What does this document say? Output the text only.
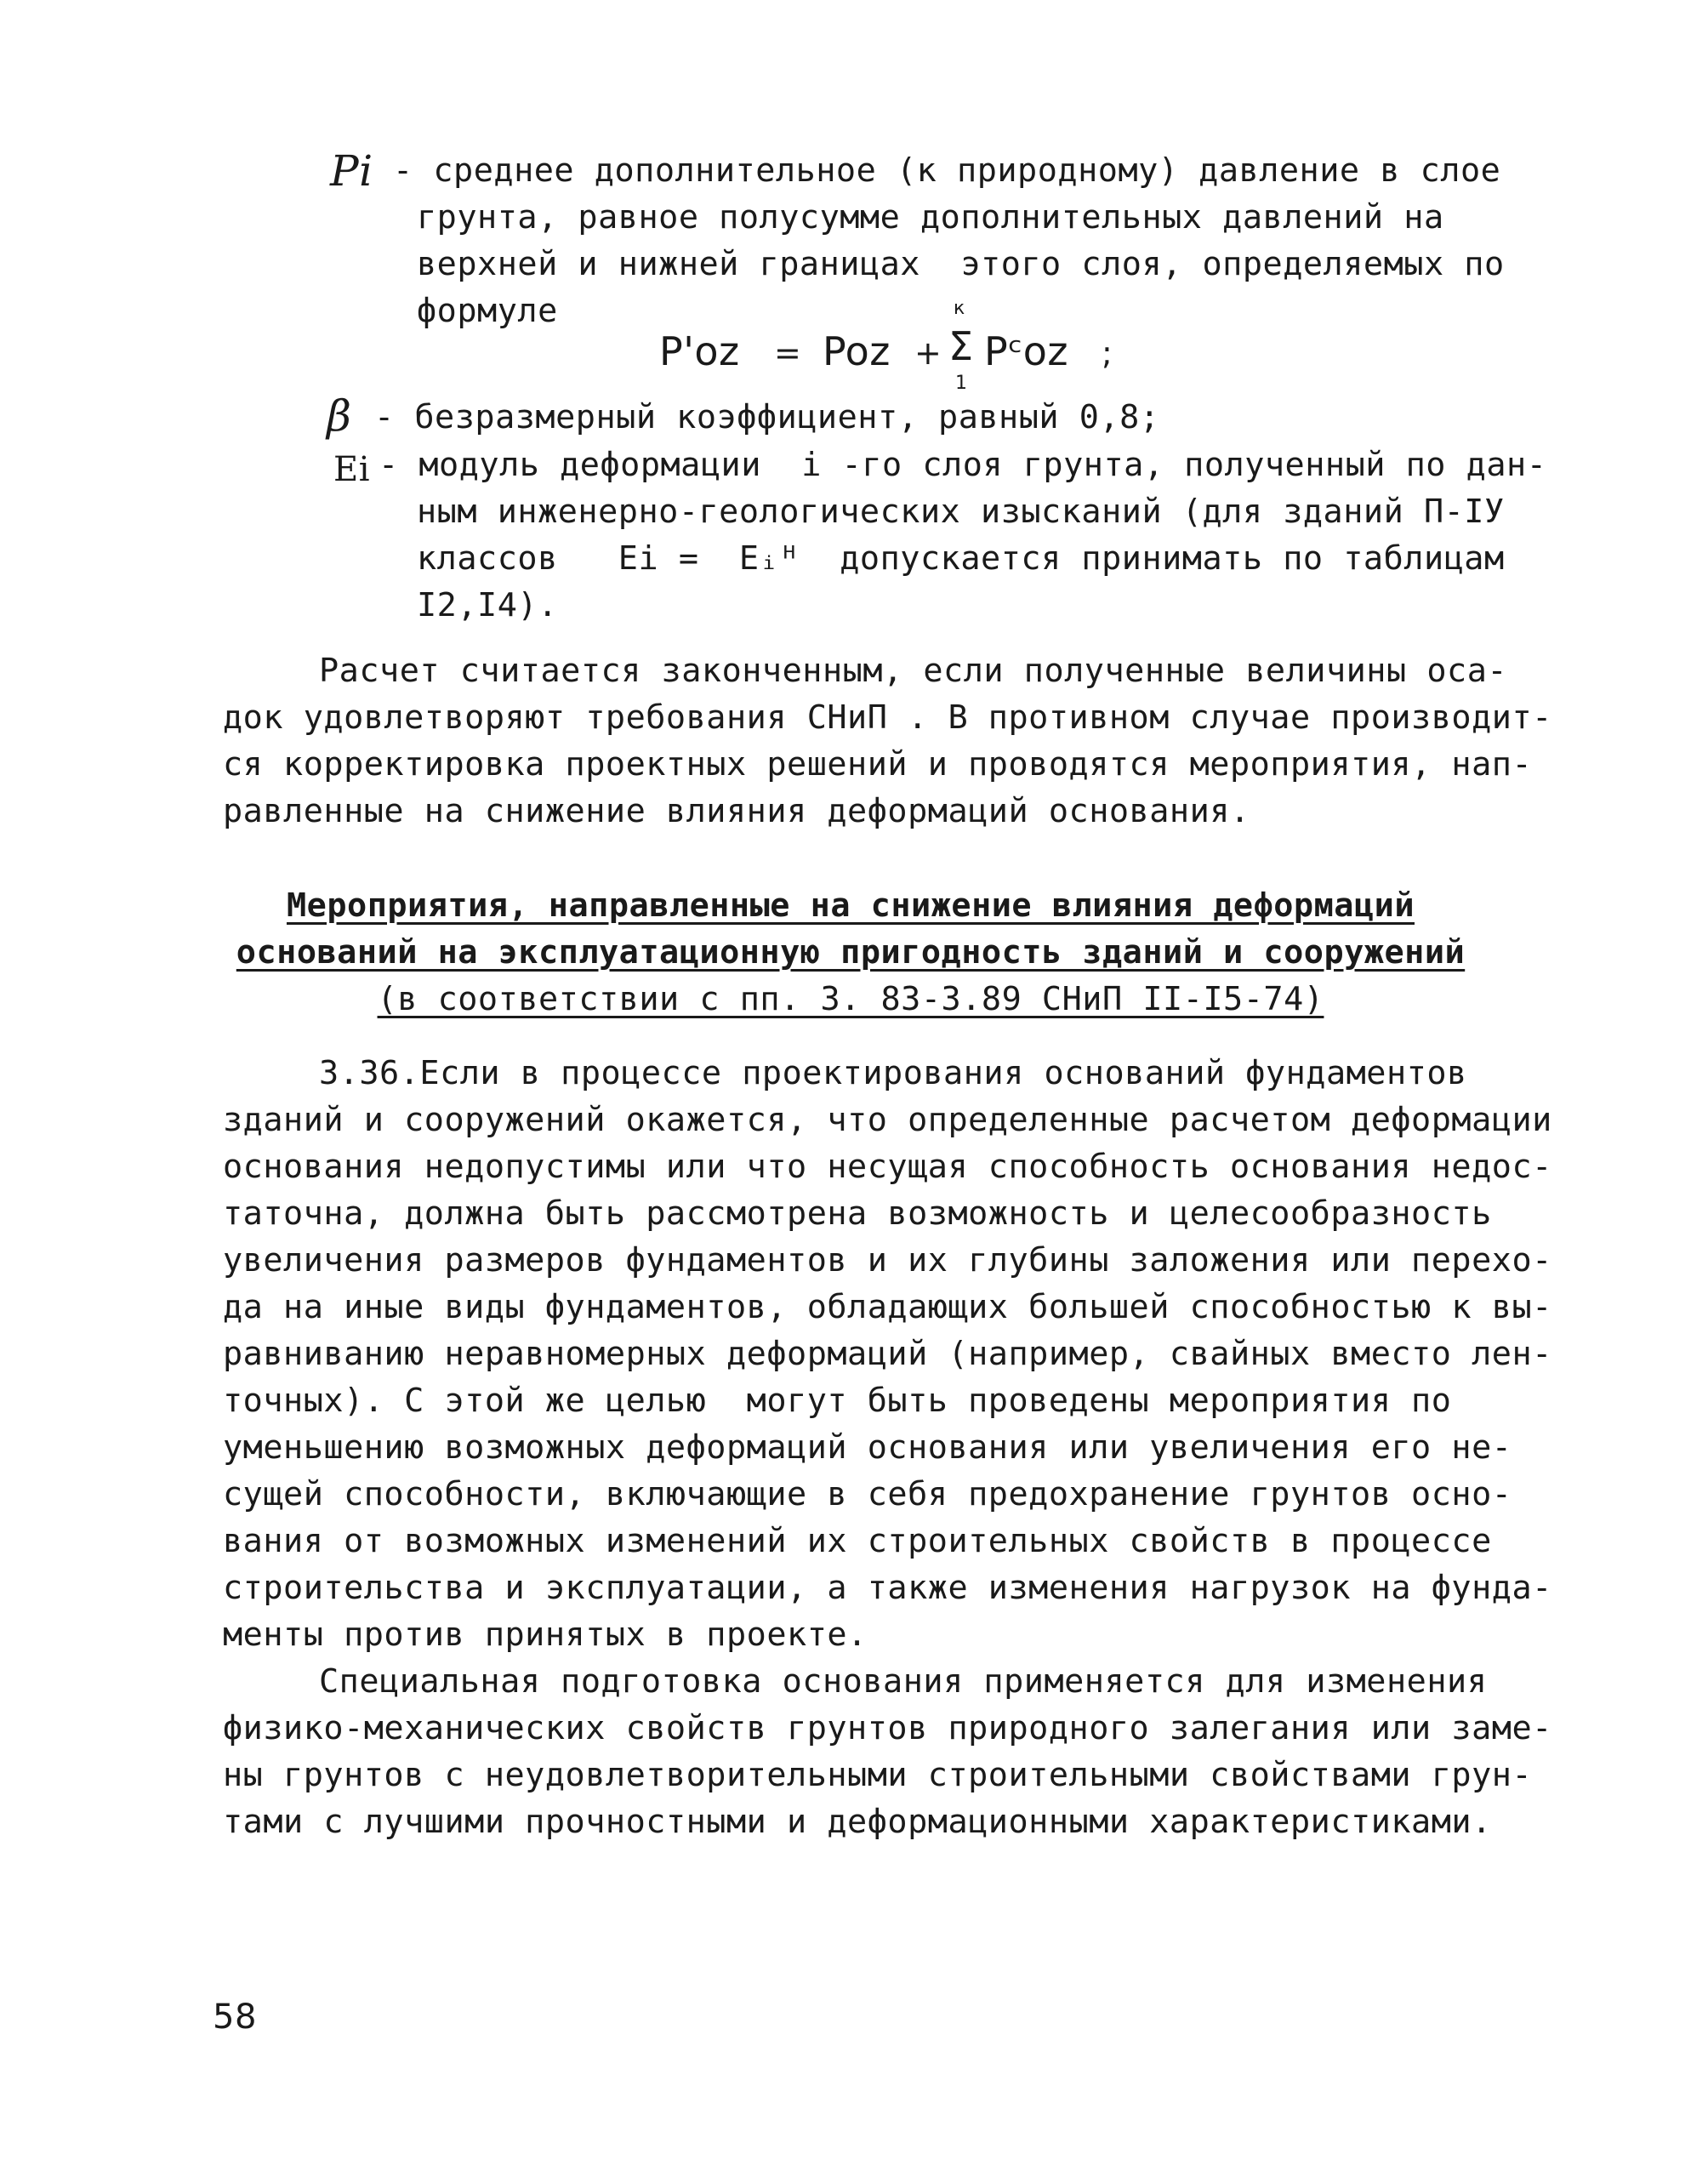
Pi - среднее дополнительное (к природному) давление в слое
грунта, равное полусумме дополнительных давлений на
верхней и нижней границах  этого слоя, определяемых по
формуле
P'oz = Poz +
к
Σ
1
Pᶜoz ;
β - безразмерный коэффициент, равный 0,8;
Ei - модуль деформации  i -го слоя грунта, полученный по дан-
ным инженерно-геологических изысканий (для зданий П-IУ
классов   Ei =  Eᵢᴴ  допускается принимать по таблицам
I2,I4).
Расчет считается законченным, если полученные величины оса-
док удовлетворяют требования СНиП . В противном случае производит-
ся корректировка проектных решений и проводятся мероприятия, нап-
равленные на снижение влияния деформаций основания.
Мероприятия, направленные на снижение влияния деформаций
оснований на эксплуатационную пригодность зданий и сооружений
(в соответствии с пп. 3. 83-3.89 СНиП II-I5-74)
3.36.Если в процессе проектирования оснований фундаментов
зданий и сооружений окажется, что определенные расчетом деформации
основания недопустимы или что несущая способность основания недос-
таточна, должна быть рассмотрена возможность и целесообразность
увеличения размеров фундаментов и их глубины заложения или перехо-
да на иные виды фундаментов, обладающих большей способностью к вы-
равниванию неравномерных деформаций (например, свайных вместо лен-
точных). С этой же целью  могут быть проведены мероприятия по
уменьшению возможных деформаций основания или увеличения его не-
сущей способности, включающие в себя предохранение грунтов осно-
вания от возможных изменений их строительных свойств в процессе
строительства и эксплуатации, а также изменения нагрузок на фунда-
менты против принятых в проекте.
Специальная подготовка основания применяется для изменения
физико-механических свойств грунтов природного залегания или заме-
ны грунтов с неудовлетворительными строительными свойствами грун-
тами с лучшими прочностными и деформационными характеристиками.
58
